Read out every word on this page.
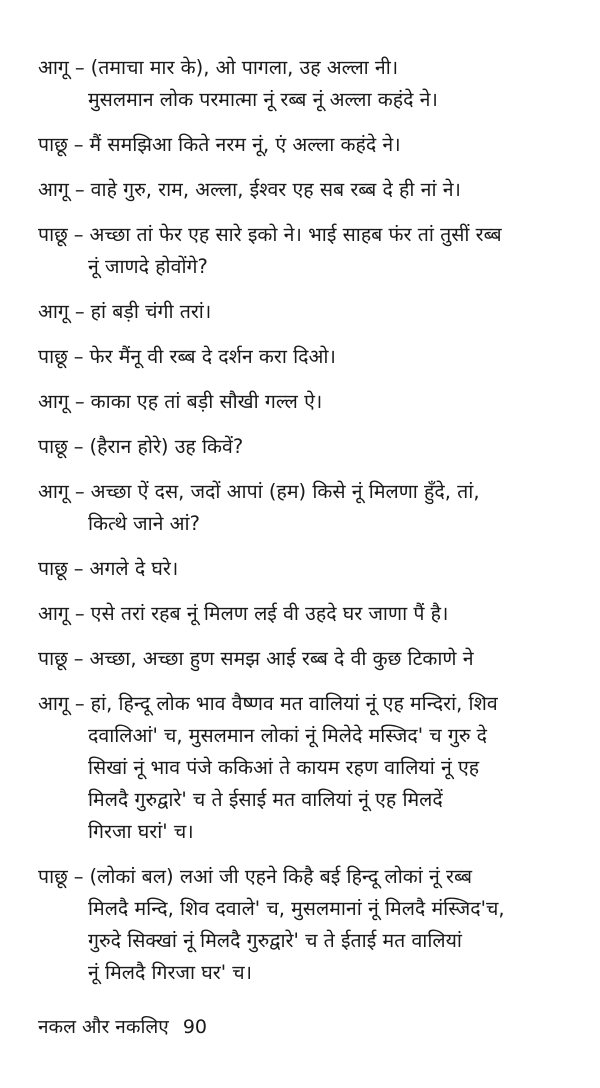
आगू – (तमाचा मार के), ओ पागला, उह अल्ला नी।
मुसलमान लोक परमात्मा नूं रब्ब नूं अल्ला कहंदे ने।
पाछू – मैं समझिआ किते नरम नूं, एं अल्ला कहंदे ने।
आगू – वाहे गुरु, राम, अल्ला, ईश्वर एह सब रब्ब दे ही नां ने।
पाछू – अच्छा तां फेर एह सारे इको ने। भाई साहब फंर तां तुसीं रब्ब
नूं जाणदे होवोंगे?
आगू – हां बड़ी चंगी तरां।
पाछू – फेर मैंनू वी रब्ब दे दर्शन करा दिओ।
आगू – काका एह तां बड़ी सौखी गल्ल ऐ।
पाछू – (हैरान होरे) उह किवें?
आगू – अच्छा ऐं दस, जदों आपां (हम) किसे नूं मिलणा हुँदे, तां,
कित्थे जाने आं?
पाछू – अगले दे घरे।
आगू – एसे तरां रहब नूं मिलण लई वी उहदे घर जाणा पैं है।
पाछू – अच्छा, अच्छा हुण समझ आई रब्ब दे वी कुछ टिकाणे ने
आगू – हां, हिन्दू लोक भाव वैष्णव मत वालियां नूं एह मन्दिरां, शिव
दवालिआं' च, मुसलमान लोकां नूं मिलेदे मस्जिद' च गुरु दे
सिखां नूं भाव पंजे ककिआं ते कायम रहण वालियां नूं एह
मिलदै गुरुद्वारे' च ते ईसाई मत वालियां नूं एह मिलदें
गिरजा घरां' च।
पाछू – (लोकां बल) लआं जी एहने किहै बई हिन्दू लोकां नूं रब्ब
मिलदै मन्दि, शिव दवाले' च, मुसलमानां नूं मिलदै मंस्जिद'च,
गुरुदे सिक्खां नूं मिलदै गुरुद्वारे' च ते ईताई मत वालियां
नूं मिलदै गिरजा घर' च।
नकल और नकलिए 90
